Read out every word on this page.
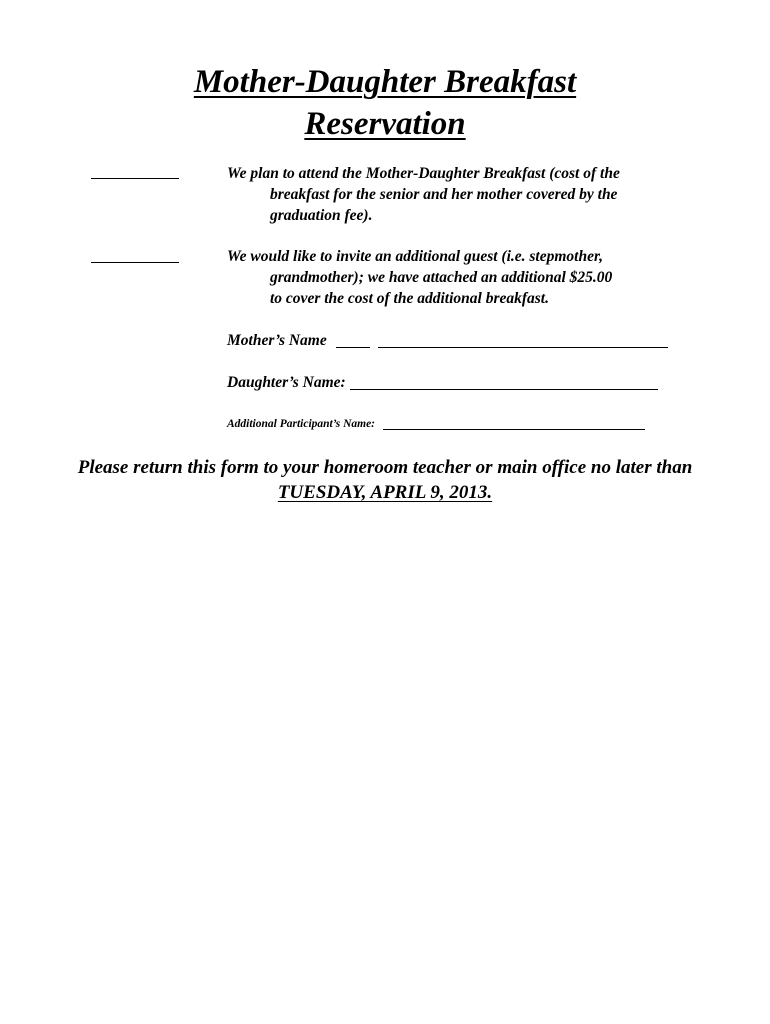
Mother-Daughter Breakfast
Reservation
We plan to attend the Mother-Daughter Breakfast (cost of the
breakfast for the senior and her mother covered by the
graduation fee).
We would like to invite an additional guest (i.e. stepmother,
grandmother); we have attached an additional $25.00
to cover the cost of the additional breakfast.
Mother’s Name
Daughter’s Name:
Additional Participant’s Name:
Please return this form to your homeroom teacher or main office no later than
TUESDAY, APRIL 9, 2013.
